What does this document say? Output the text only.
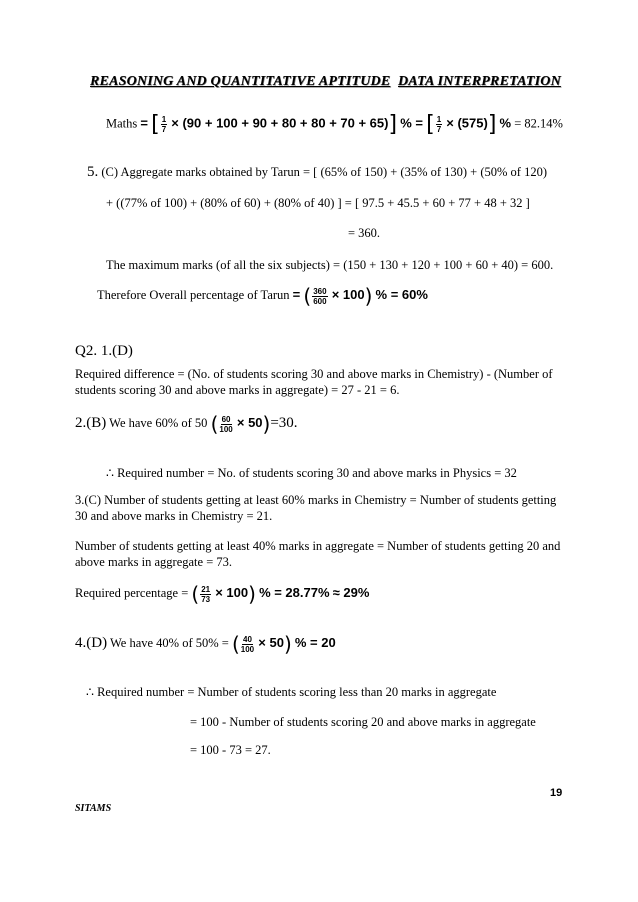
REASONING AND QUANTITATIVE APTITUDE DATA INTERPRETATION
Maths = [ $\frac{1}{7} \times (90 + 100 + 90 + 80 + 80 + 70 + 65)$] % = [ $\frac{1}{7} \times (575)$] % = 82.14%
5. (C) Aggregate marks obtained by Tarun = [ (65% of 150) + (35% of 130) + (50% of 120)
+ ((77% of 100) + (80% of 60) + (80% of 40) ] = [ 97.5 + 45.5 + 60 + 77 + 48 + 32 ]
= 360.
The maximum marks (of all the six subjects) = (150 + 130 + 120 + 100 + 60 + 40) = 600.
Therefore Overall percentage of Tarun = ( $\frac{360}{600} \times 100$) % = 60%
Q2. 1.(D)
Required difference = (No. of students scoring 30 and above marks in Chemistry) - (Number of students scoring 30 and above marks in aggregate) = 27 - 21 = 6.
2.(B) We have 60% of 50 ( $\frac{60}{100} \times 50)=30$.
∴ Required number = No. of students scoring 30 and above marks in Physics = 32
3.(C) Number of students getting at least 60% marks in Chemistry = Number of students getting 30 and above marks in Chemistry = 21.
Number of students getting at least 40% marks in aggregate = Number of students getting 20 and above marks in aggregate = 73.
Required percentage = ( $\frac{21}{73} \times 100$) % = 28.77% ≈ 29%
4.(D) We have 40% of 50% = ( $\frac{40}{100} \times 50$) % = 20
∴ Required number = Number of students scoring less than 20 marks in aggregate
= 100 - Number of students scoring 20 and above marks in aggregate
= 100 - 73 = 27.
19
SITAMS
